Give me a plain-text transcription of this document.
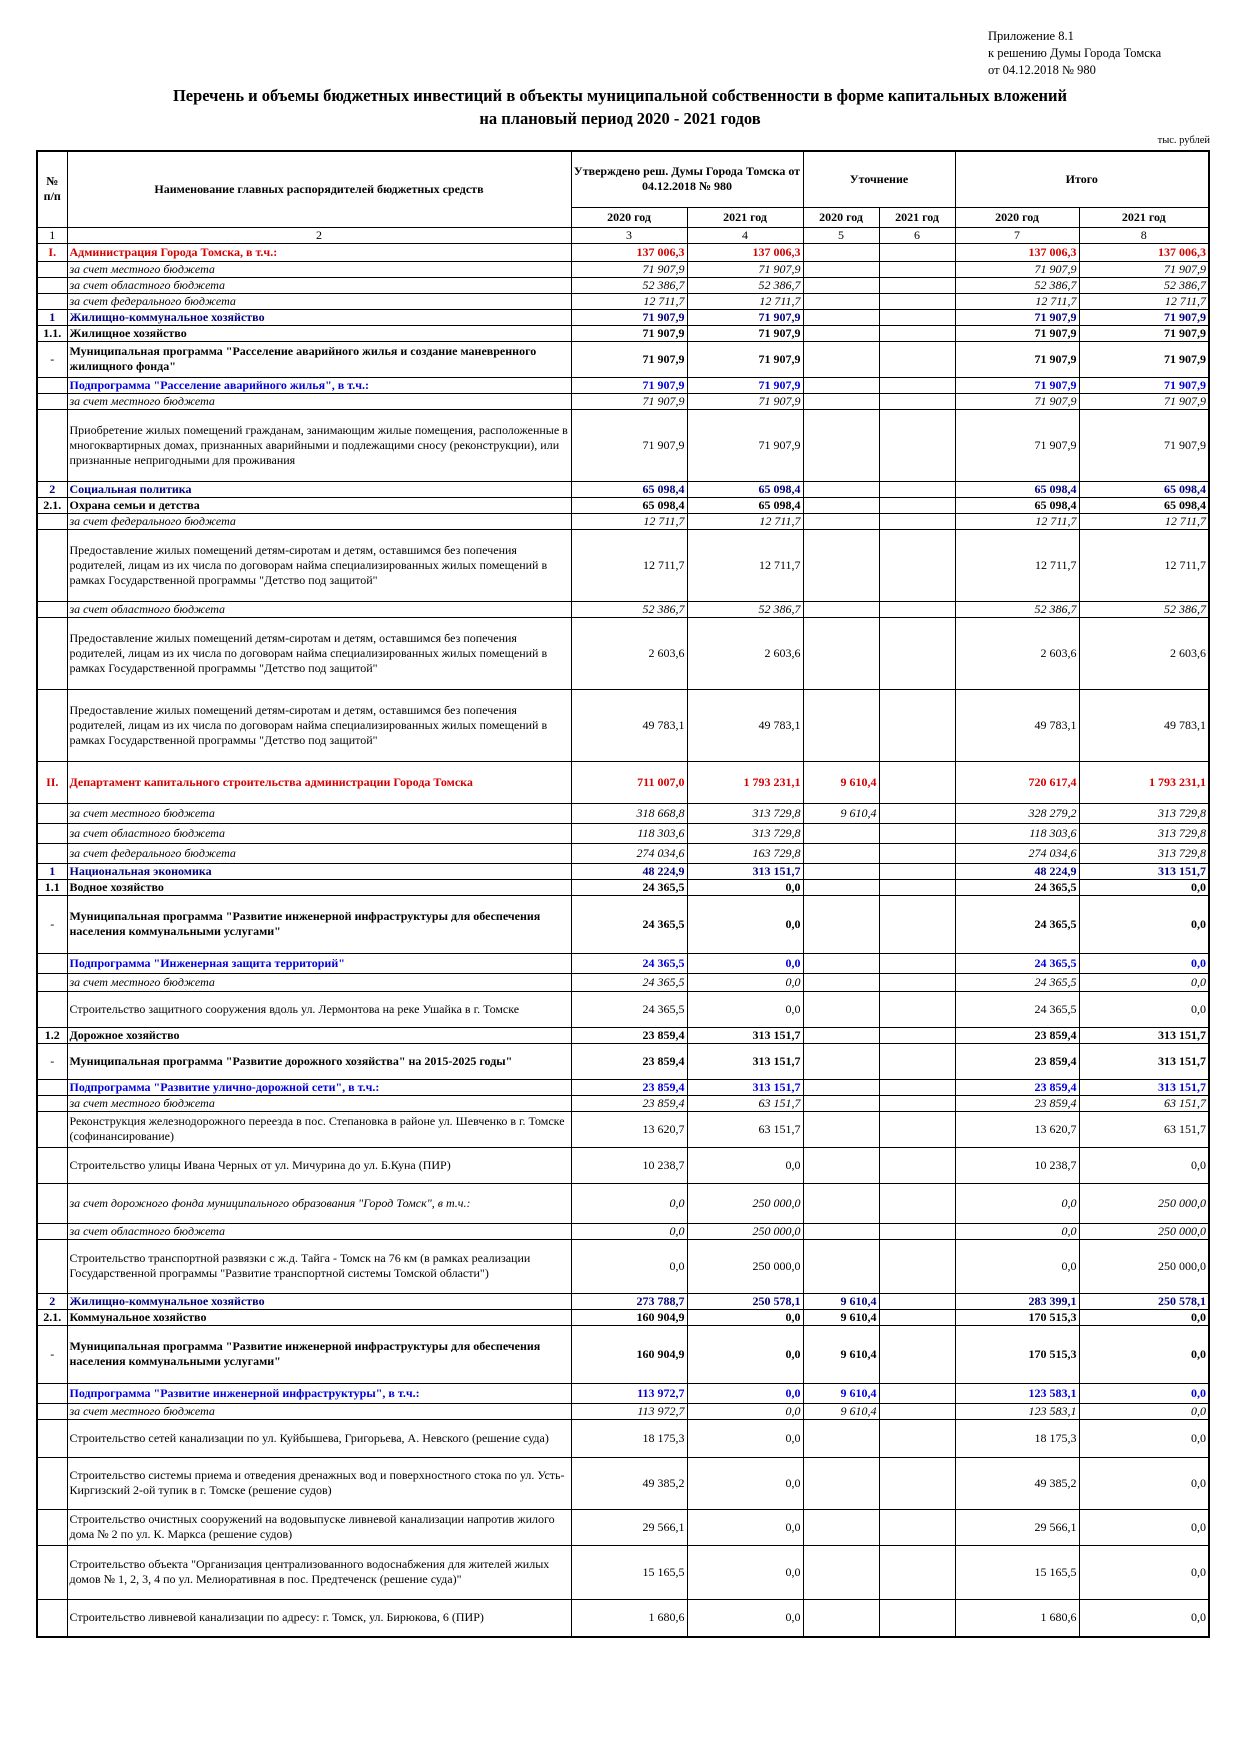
Приложение 8.1
к решению Думы Города Томска
от 04.12.2018 № 980
Перечень и объемы бюджетных инвестиций в объекты муниципальной собственности в форме капитальных вложений
на плановый период 2020 - 2021 годов
тыс. рублей
№ п/п	Наименование главных распорядителей бюджетных средств	Утверждено реш. Думы Города Томска от 04.12.2018 № 980		Уточнение		Итого	
		2020 год	2021 год	2020 год	2021 год	2020 год	2021 год
1	2	3	4	5	6	7	8
I.	Администрация Города Томска, в т.ч.:	137 006,3	137 006,3			137 006,3	137 006,3
	за счет местного бюджета	71 907,9	71 907,9			71 907,9	71 907,9
	за счет областного бюджета	52 386,7	52 386,7			52 386,7	52 386,7
	за счет федерального бюджета	12 711,7	12 711,7			12 711,7	12 711,7
1	Жилищно-коммунальное хозяйство	71 907,9	71 907,9			71 907,9	71 907,9
1.1.	Жилищное хозяйство	71 907,9	71 907,9			71 907,9	71 907,9
-	Муниципальная программа "Расселение аварийного жилья и создание маневренного жилищного фонда"	71 907,9	71 907,9			71 907,9	71 907,9
	Подпрограмма "Расселение аварийного жилья", в т.ч.:	71 907,9	71 907,9			71 907,9	71 907,9
	за счет местного бюджета	71 907,9	71 907,9			71 907,9	71 907,9
	Приобретение жилых помещений гражданам, занимающим жилые помещения, расположенные в многоквартирных домах, признанных аварийными и подлежащими сносу (реконструкции), или признанные непригодными для проживания	71 907,9	71 907,9			71 907,9	71 907,9
2	Социальная политика	65 098,4	65 098,4			65 098,4	65 098,4
2.1.	Охрана семьи и детства	65 098,4	65 098,4			65 098,4	65 098,4
	за счет федерального бюджета	12 711,7	12 711,7			12 711,7	12 711,7
	Предоставление жилых помещений детям-сиротам и детям, оставшимся без попечения родителей, лицам из их числа по договорам найма специализированных жилых помещений в рамках Государственной программы "Детство под защитой"	12 711,7	12 711,7			12 711,7	12 711,7
	за счет областного бюджета	52 386,7	52 386,7			52 386,7	52 386,7
	Предоставление жилых помещений детям-сиротам и детям, оставшимся без попечения родителей, лицам из их числа по договорам найма специализированных жилых помещений в рамках Государственной программы "Детство под защитой"	2 603,6	2 603,6			2 603,6	2 603,6
	Предоставление жилых помещений детям-сиротам и детям, оставшимся без попечения родителей, лицам из их числа по договорам найма специализированных жилых помещений в рамках Государственной программы "Детство под защитой"	49 783,1	49 783,1			49 783,1	49 783,1
II.	Департамент капитального строительства администрации Города Томска	711 007,0	1 793 231,1	9 610,4		720 617,4	1 793 231,1
	за счет местного бюджета	318 668,8	313 729,8	9 610,4		328 279,2	313 729,8
	за счет областного бюджета	118 303,6	313 729,8			118 303,6	313 729,8
	за счет федерального бюджета	274 034,6	163 729,8			274 034,6	313 729,8
1	Национальная экономика	48 224,9	313 151,7			48 224,9	313 151,7
1.1	Водное хозяйство	24 365,5	0,0			24 365,5	0,0
-	Муниципальная программа "Развитие инженерной инфраструктуры для обеспечения населения коммунальными услугами"	24 365,5	0,0			24 365,5	0,0
	Подпрограмма "Инженерная защита территорий"	24 365,5	0,0			24 365,5	0,0
	за счет местного бюджета	24 365,5	0,0			24 365,5	0,0
	Строительство защитного сооружения вдоль ул. Лермонтова на реке Ушайка в г. Томске	24 365,5	0,0			24 365,5	0,0
1.2	Дорожное хозяйство	23 859,4	313 151,7			23 859,4	313 151,7
-	Муниципальная программа "Развитие дорожного хозяйства" на 2015-2025 годы"	23 859,4	313 151,7			23 859,4	313 151,7
	Подпрограмма "Развитие улично-дорожной сети", в т.ч.:	23 859,4	313 151,7			23 859,4	313 151,7
	за счет местного бюджета	23 859,4	63 151,7			23 859,4	63 151,7
	Реконструкция железнодорожного переезда в пос. Степановка в районе ул. Шевченко в г. Томске (софинансирование)	13 620,7	63 151,7			13 620,7	63 151,7
	Строительство улицы Ивана Черных от ул. Мичурина до ул. Б.Куна (ПИР)	10 238,7	0,0			10 238,7	0,0
	за счет дорожного фонда муниципального образования "Город Томск", в т.ч.:	0,0	250 000,0			0,0	250 000,0
	за счет областного бюджета	0,0	250 000,0			0,0	250 000,0
	Строительство транспортной развязки с ж.д. Тайга - Томск на 76 км (в рамках реализации Государственной программы "Развитие транспортной системы Томской области")	0,0	250 000,0			0,0	250 000,0
2	Жилищно-коммунальное хозяйство	273 788,7	250 578,1	9 610,4		283 399,1	250 578,1
2.1.	Коммунальное хозяйство	160 904,9	0,0	9 610,4		170 515,3	0,0
-	Муниципальная программа "Развитие инженерной инфраструктуры для обеспечения населения коммунальными услугами"	160 904,9	0,0	9 610,4		170 515,3	0,0
	Подпрограмма "Развитие инженерной инфраструктуры", в т.ч.:	113 972,7	0,0	9 610,4		123 583,1	0,0
	за счет местного бюджета	113 972,7	0,0	9 610,4		123 583,1	0,0
	Строительство сетей канализации по ул. Куйбышева, Григорьева, А. Невского (решение суда)	18 175,3	0,0			18 175,3	0,0
	Строительство системы приема и отведения дренажных вод и поверхностного стока по ул. Усть-Киргизский 2-ой тупик в г. Томске (решение судов)	49 385,2	0,0			49 385,2	0,0
	Строительство очистных сооружений на водовыпуске ливневой канализации напротив жилого дома № 2 по ул. К. Маркса (решение судов)	29 566,1	0,0			29 566,1	0,0
	Строительство объекта "Организация централизованного водоснабжения для жителей жилых домов № 1, 2, 3, 4 по ул. Мелиоративная в пос. Предтеченск (решение суда)"	15 165,5	0,0			15 165,5	0,0
	Строительство ливневой канализации по адресу: г. Томск, ул. Бирюкова, 6 (ПИР)	1 680,6	0,0			1 680,6	0,0
